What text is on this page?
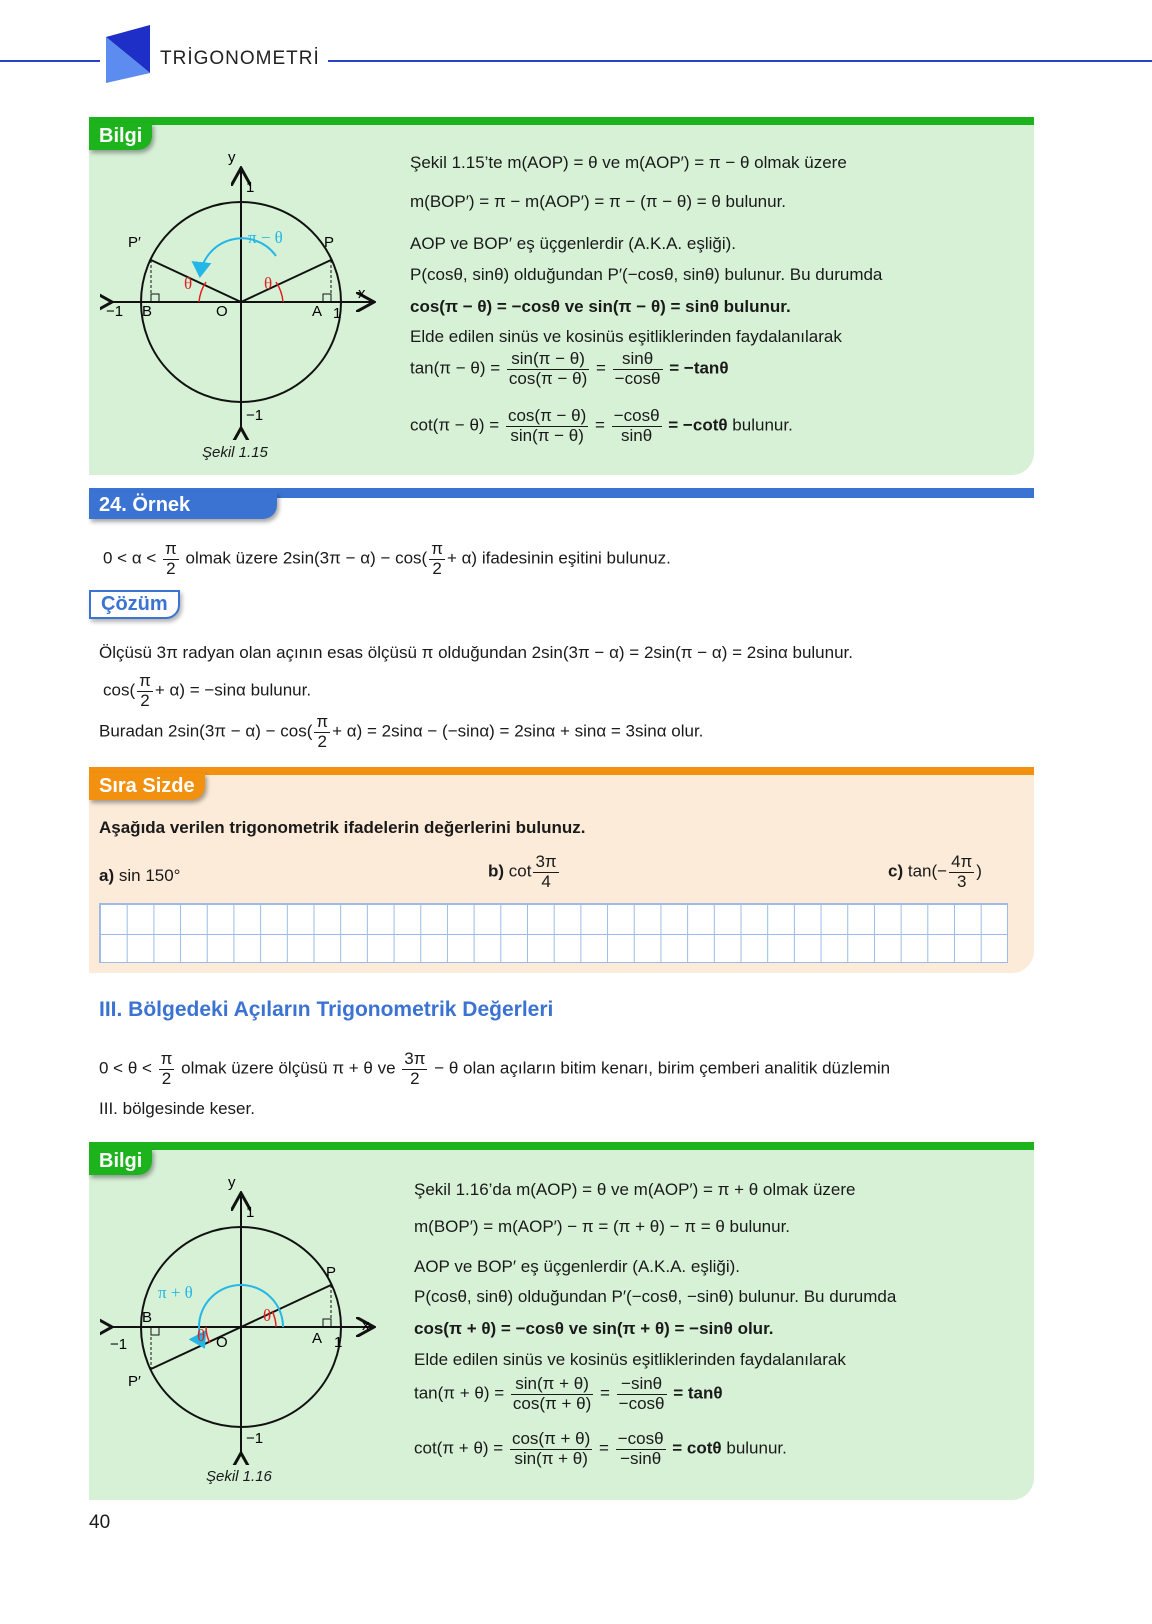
TRİGONOMETRİ
Bilgi
y
1
π − θ
P′	P
θ	θ
x
−1 B	O	A 1
−1
Şekil 1.15
Şekil 1.15’te m(AOP) = θ ve m(AOP′) = π − θ olmak üzere
m(BOP′) = π − m(AOP′) = π − (π − θ) = θ bulunur.
AOP ve BOP′ eş üçgenlerdir (A.K.A. eşliği).
P(cosθ, sinθ) olduğundan P′(−cosθ, sinθ) bulunur. Bu durumda
cos(π − θ) = −cosθ ve sin(π − θ) = sinθ bulunur.
Elde edilen sinüs ve kosinüs eşitliklerinden faydalanılarak
$\tan(\pi - \theta) = \frac{\sin(\pi - \theta)}{\cos(\pi - \theta)} = \frac{\sin\theta}{-\cos\theta} = -\tan\theta$
$\cot(\pi - \theta) = \frac{\cos(\pi - \theta)}{\sin(\pi - \theta)} = \frac{-\cos\theta}{\sin\theta} = -\cot\theta$ bulunur.
24. Örnek
$0 < \alpha < \frac{\pi}{2}$ olmak üzere $2\sin(3\pi - \alpha) - \cos( \frac{\pi}{2} + \alpha)$ ifadesinin eşitini bulunuz.
Çözüm
Ölçüsü 3π radyan olan açının esas ölçüsü π olduğundan 2sin(3π − α) = 2sin(π − α) = 2sinα bulunur.
$\cos( \frac{\pi}{2} + \alpha) = -\sin\alpha$ bulunur.
Buradan $2\sin(3\pi - \alpha) - \cos( \frac{\pi}{2} + \alpha) = 2\sin\alpha - (-\sin\alpha) = 2\sin\alpha + \sin\alpha = 3\sin\alpha$ olur.
Sıra Sizde
Aşağıda verilen trigonometrik ifadelerin değerlerini bulunuz.
a) sin 150°	b) $\cot \frac{3\pi}{4}$	c) $\tan(- \frac{4\pi}{3}$ )
III. Bölgedeki Açıların Trigonometrik Değerleri
$0 < \theta < \frac{\pi}{2}$ olmak üzere ölçüsü π + θ ve $\frac{3\pi}{2} - \theta$ olan açıların bitim kenarı, birim çemberi analitik düzlemin
III. bölgesinde keser.
Bilgi
y
1
P
π + θ
B	θ
x
θ
−1	O	A 1
P′
−1
Şekil 1.16
Şekil 1.16’da m(AOP) = θ ve m(AOP′) = π + θ olmak üzere
m(BOP′) = m(AOP′) − π = (π + θ) − π = θ bulunur.
AOP ve BOP′ eş üçgenlerdir (A.K.A. eşliği).
P(cosθ, sinθ) olduğundan P′(−cosθ, −sinθ) bulunur. Bu durumda
cos(π + θ) = −cosθ ve sin(π + θ) = −sinθ olur.
Elde edilen sinüs ve kosinüs eşitliklerinden faydalanılarak
$\tan(\pi + \theta) = \frac{\sin(\pi + \theta)}{\cos(\pi + \theta)} = \frac{-\sin\theta}{-\cos\theta} = \tan\theta$
$\cot(\pi + \theta) = \frac{\cos(\pi + \theta)}{\sin(\pi + \theta)} = \frac{-\cos\theta}{-\sin\theta} = \cot\theta$ bulunur.
40
